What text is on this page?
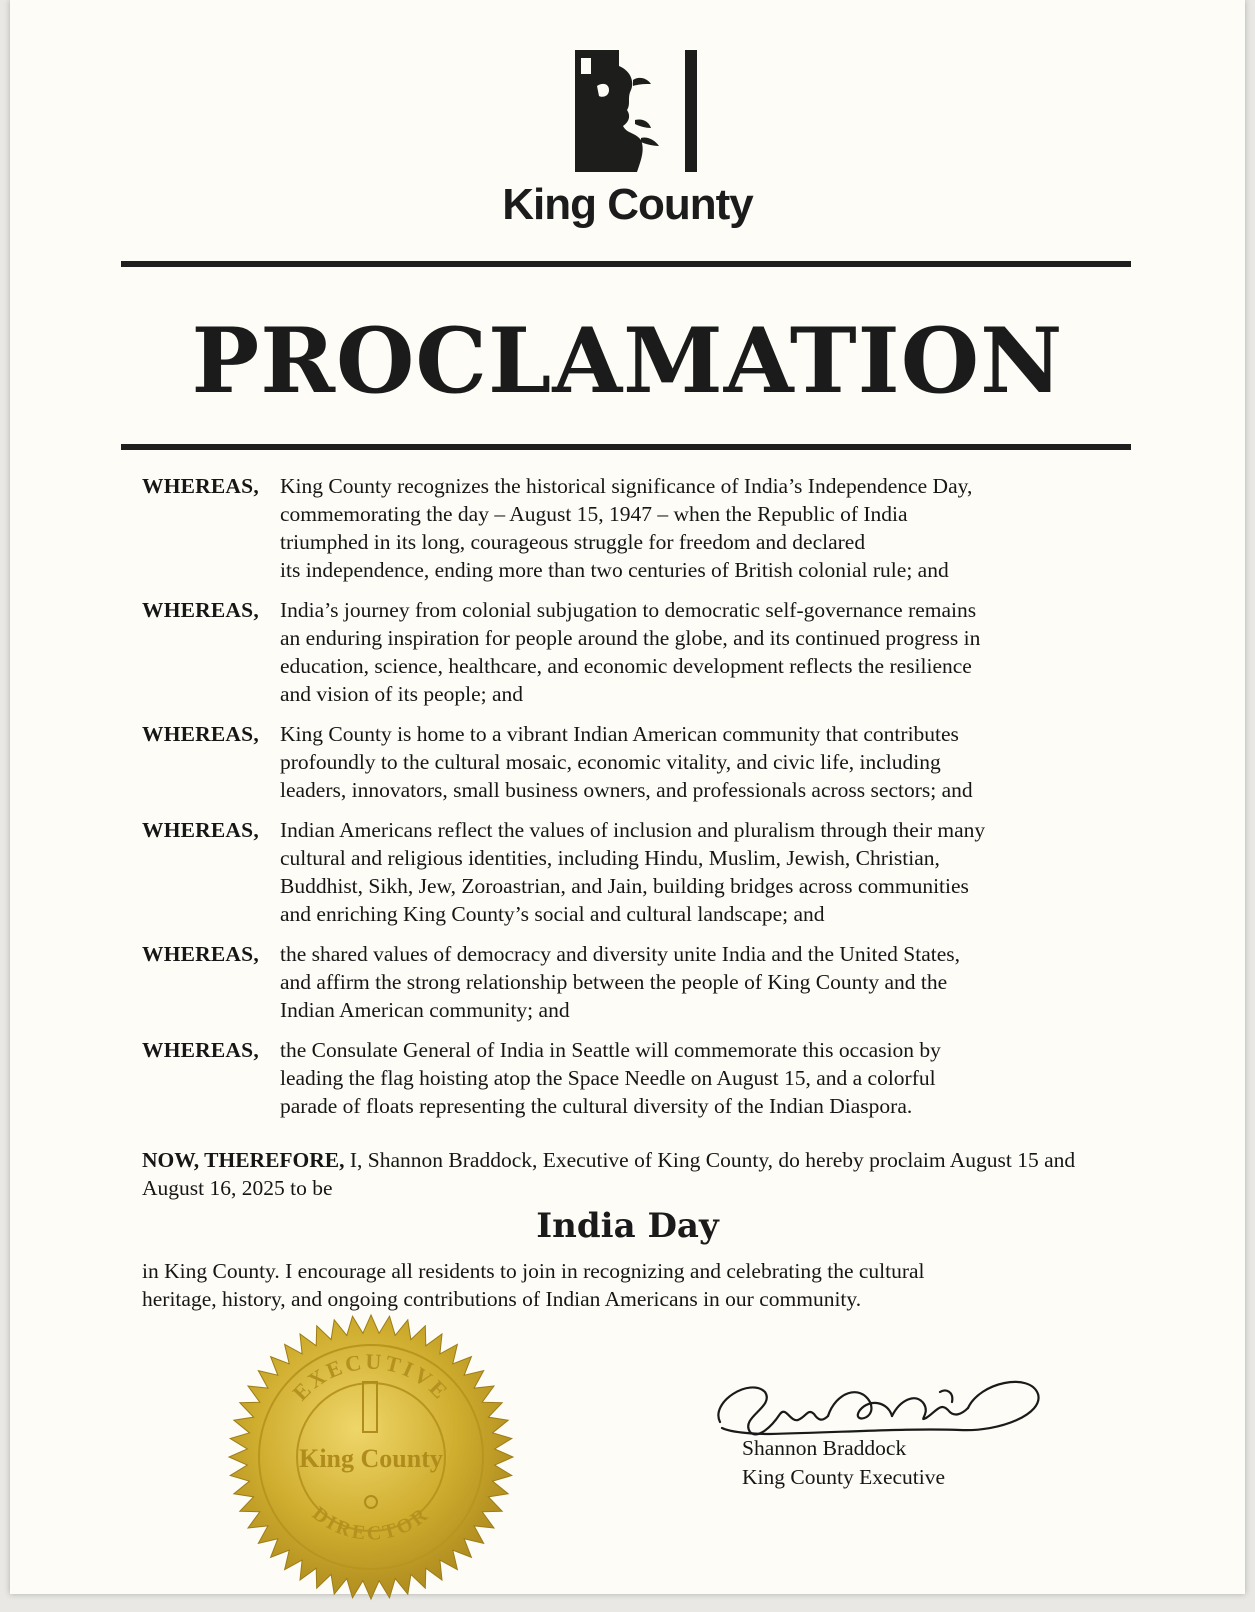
King County
PROCLAMATION
WHEREAS, King County recognizes the historical significance of India’s Independence Day,
commemorating the day – August 15, 1947 – when the Republic of India
triumphed in its long, courageous struggle for freedom and declared
its independence, ending more than two centuries of British colonial rule; and
WHEREAS, India’s journey from colonial subjugation to democratic self-governance remains
an enduring inspiration for people around the globe, and its continued progress in
education, science, healthcare, and economic development reflects the resilience
and vision of its people; and
WHEREAS, King County is home to a vibrant Indian American community that contributes
profoundly to the cultural mosaic, economic vitality, and civic life, including
leaders, innovators, small business owners, and professionals across sectors; and
WHEREAS, Indian Americans reflect the values of inclusion and pluralism through their many
cultural and religious identities, including Hindu, Muslim, Jewish, Christian,
Buddhist, Sikh, Jew, Zoroastrian, and Jain, building bridges across communities
and enriching King County’s social and cultural landscape; and
WHEREAS, the shared values of democracy and diversity unite India and the United States,
and affirm the strong relationship between the people of King County and the
Indian American community; and
WHEREAS, the Consulate General of India in Seattle will commemorate this occasion by
leading the flag hoisting atop the Space Needle on August 15, and a colorful
parade of floats representing the cultural diversity of the Indian Diaspora.
NOW, THEREFORE, I, Shannon Braddock, Executive of King County, do hereby proclaim August 15 and August 16, 2025 to be
India Day
in King County. I encourage all residents to join in recognizing and celebrating the cultural
heritage, history, and ongoing contributions of Indian Americans in our community.
EXECUTIVE
King County
DIRECTOR
Shannon Braddock
King County Executive
